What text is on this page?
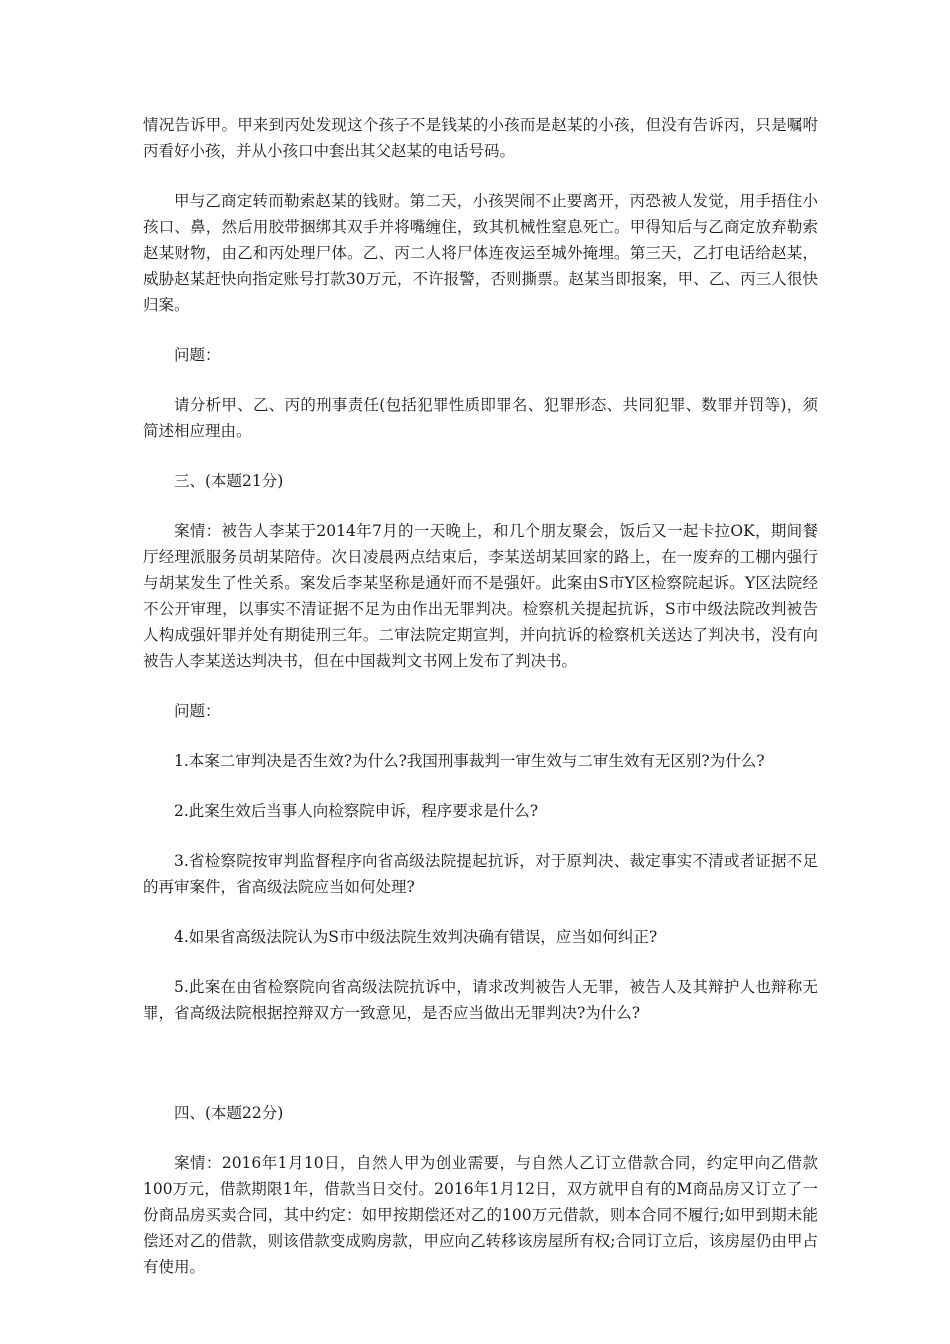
情况告诉甲。甲来到丙处发现这个孩子不是钱某的小孩而是赵某的小孩，但没有告诉丙，只是嘱咐丙看好小孩，并从小孩口中套出其父赵某的电话号码。

甲与乙商定转而勒索赵某的钱财。第二天，小孩哭闹不止要离开，丙恐被人发觉，用手捂住小孩口、鼻，然后用胶带捆绑其双手并将嘴缠住，致其机械性窒息死亡。甲得知后与乙商定放弃勒索赵某财物，由乙和丙处理尸体。乙、丙二人将尸体连夜运至城外掩埋。第三天，乙打电话给赵某，威胁赵某赶快向指定账号打款30万元，不许报警，否则撕票。赵某当即报案，甲、乙、丙三人很快归案。

问题：

请分析甲、乙、丙的刑事责任(包括犯罪性质即罪名、犯罪形态、共同犯罪、数罪并罚等)，须简述相应理由。

三、(本题21分)

案情：被告人李某于2014年7月的一天晚上，和几个朋友聚会，饭后又一起卡拉OK，期间餐厅经理派服务员胡某陪侍。次日凌晨两点结束后，李某送胡某回家的路上，在一废弃的工棚内强行与胡某发生了性关系。案发后李某坚称是通奸而不是强奸。此案由S市Y区检察院起诉。Y区法院经不公开审理，以事实不清证据不足为由作出无罪判决。检察机关提起抗诉，S市中级法院改判被告人构成强奸罪并处有期徒刑三年。二审法院定期宣判，并向抗诉的检察机关送达了判决书，没有向被告人李某送达判决书，但在中国裁判文书网上发布了判决书。

问题：

1.本案二审判决是否生效?为什么?我国刑事裁判一审生效与二审生效有无区别?为什么?

2.此案生效后当事人向检察院申诉，程序要求是什么?

3.省检察院按审判监督程序向省高级法院提起抗诉，对于原判决、裁定事实不清或者证据不足的再审案件，省高级法院应当如何处理?

4.如果省高级法院认为S市中级法院生效判决确有错误，应当如何纠正?

5.此案在由省检察院向省高级法院抗诉中，请求改判被告人无罪，被告人及其辩护人也辩称无罪，省高级法院根据控辩双方一致意见，是否应当做出无罪判决?为什么?

四、(本题22分)

案情：2016年1月10日，自然人甲为创业需要，与自然人乙订立借款合同，约定甲向乙借款100万元，借款期限1年，借款当日交付。2016年1月12日，双方就甲自有的M商品房又订立了一份商品房买卖合同，其中约定：如甲按期偿还对乙的100万元借款，则本合同不履行;如甲到期未能偿还对乙的借款，则该借款变成购房款，甲应向乙转移该房屋所有权;合同订立后，该房屋仍由甲占有使用。
